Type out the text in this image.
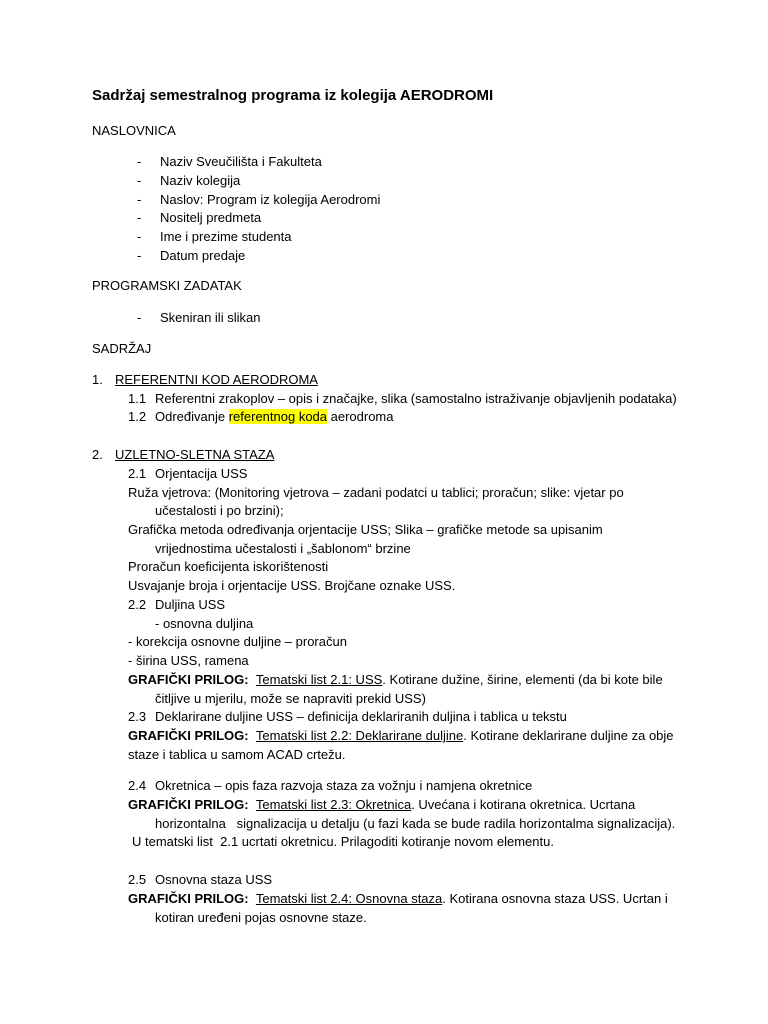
Sadržaj semestralnog programa iz kolegija AERODROMI
NASLOVNICA
- Naziv Sveučilišta i Fakulteta
- Naziv kolegija
- Naslov: Program iz kolegija Aerodromi
- Nositelj predmeta
- Ime i prezime studenta
- Datum predaje
PROGRAMSKI ZADATAK
- Skeniran ili slikan
SADRŽAJ
1. REFERENTNI KOD AERODROMA
1.1 Referentni zrakoplov – opis i značajke, slika (samostalno istraživanje objavljenih podataka)
1.2 Određivanje referentnog koda aerodroma
2. UZLETNO-SLETNA STAZA
2.1 Orjentacija USS
Ruža vjetrova: (Monitoring vjetrova – zadani podatci u tablici; proračun; slike: vjetar po
učestalosti i po brzini);
Grafička metoda određivanja orjentacije USS; Slika – grafičke metode sa upisanim
vrijednostima učestalosti i „šablonom“ brzine
Proračun koeficijenta iskorištenosti
Usvajanje broja i orjentacije USS. Brojčane oznake USS.
2.2 Duljina USS
- osnovna duljina
- korekcija osnovne duljine – proračun
- širina USS, ramena
GRAFIČKI PRILOG: Tematski list 2.1: USS. Kotirane dužine, širine, elementi (da bi kote bile
čitljive u mjerilu, može se napraviti prekid USS)
2.3 Deklarirane duljine USS – definicija deklariranih duljina i tablica u tekstu
GRAFIČKI PRILOG: Tematski list 2.2: Deklarirane duljine. Kotirane deklarirane duljine za obje
staze i tablica u samom ACAD crtežu.
2.4 Okretnica – opis faza razvoja staza za vožnju i namjena okretnice
GRAFIČKI PRILOG: Tematski list 2.3: Okretnica. Uvećana i kotirana okretnica. Ucrtana
horizontalna   signalizacija u detalju (u fazi kada se bude radila horizontalma signalizacija).
U tematski list  2.1 ucrtati okretnicu. Prilagoditi kotiranje novom elementu.
2.5 Osnovna staza USS
GRAFIČKI PRILOG: Tematski list 2.4: Osnovna staza. Kotirana osnovna staza USS. Ucrtan i
kotiran uređeni pojas osnovne staze.
